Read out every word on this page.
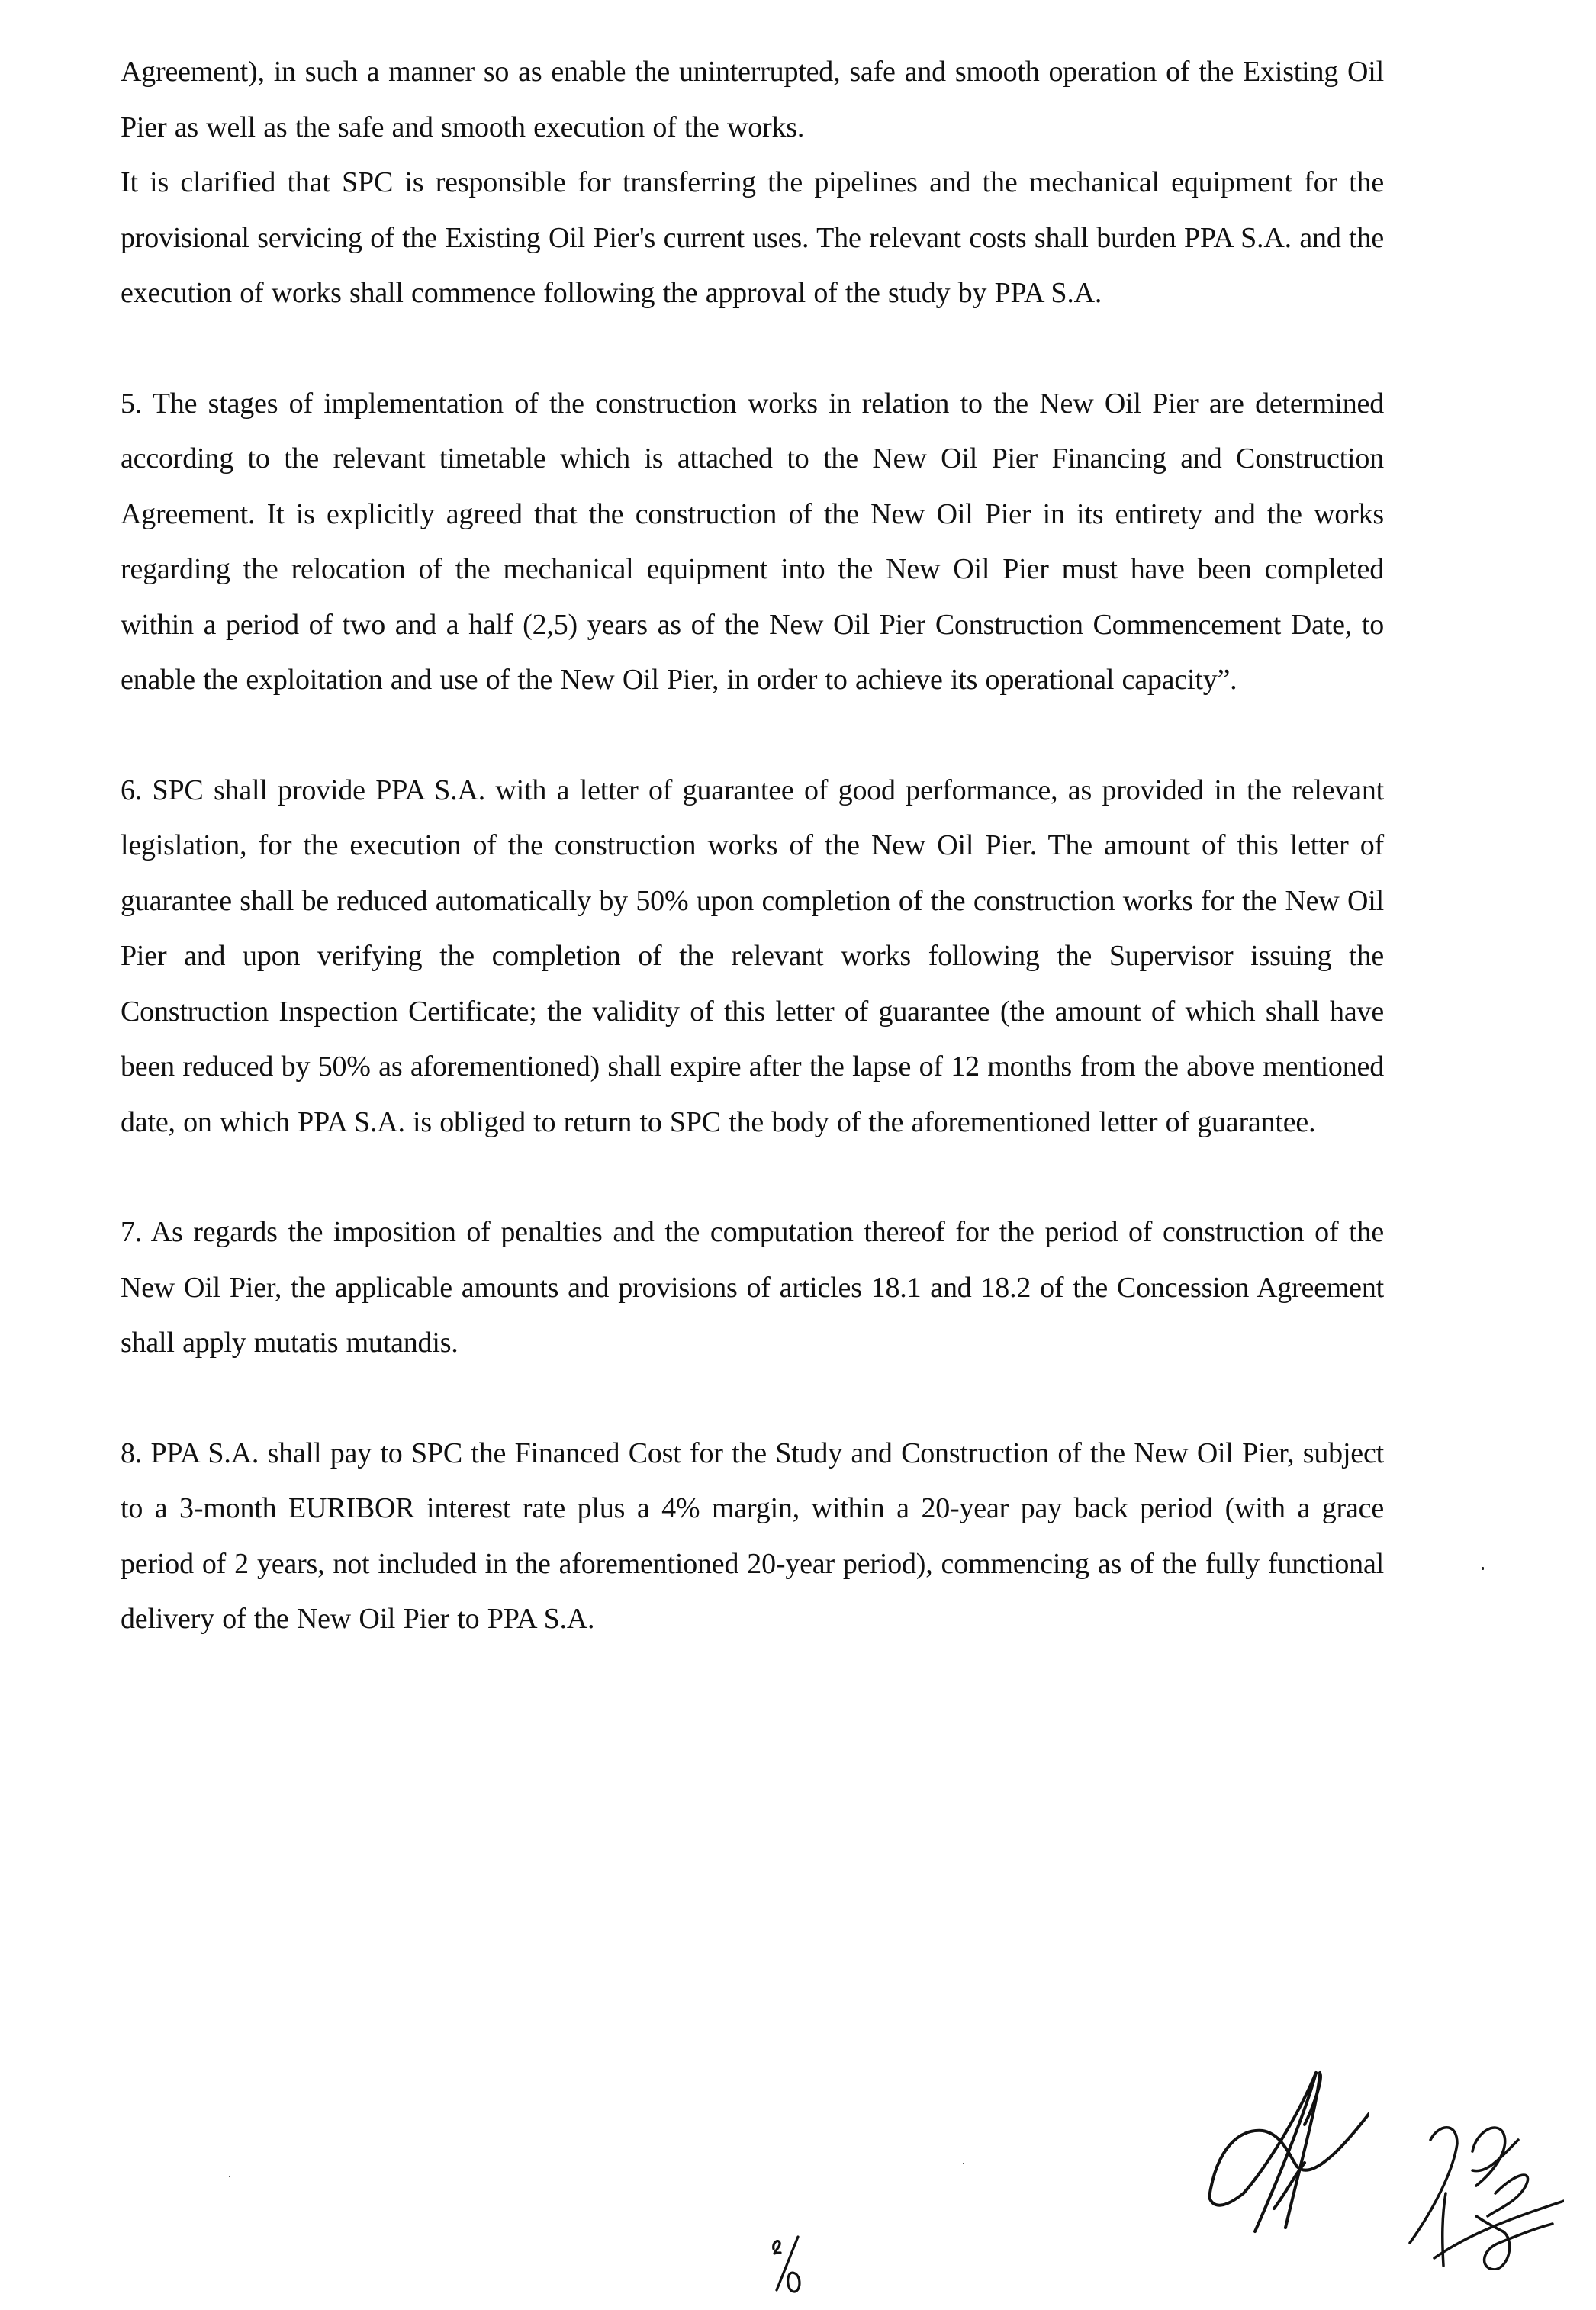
Agreement), in such a manner so as enable the uninterrupted, safe and smooth operation of the Existing Oil Pier as well as the safe and smooth execution of the works.

It is clarified that SPC is responsible for transferring the pipelines and the mechanical equipment for the provisional servicing of the Existing Oil Pier's current uses. The relevant costs shall burden PPA S.A. and the execution of works shall commence following the approval of the study by PPA S.A.

5. The stages of implementation of the construction works in relation to the New Oil Pier are determined according to the relevant timetable which is attached to the New Oil Pier Financing and Construction Agreement. It is explicitly agreed that the construction of the New Oil Pier in its entirety and the works regarding the relocation of the mechanical equipment into the New Oil Pier must have been completed within a period of two and a half (2,5) years as of the New Oil Pier Construction Commencement Date, to enable the exploitation and use of the New Oil Pier, in order to achieve its operational capacity”.

6. SPC shall provide PPA S.A. with a letter of guarantee of good performance, as provided in the relevant legislation, for the execution of the construction works of the New Oil Pier. The amount of this letter of guarantee shall be reduced automatically by 50% upon completion of the construction works for the New Oil Pier and upon verifying the completion of the relevant works following the Supervisor issuing the Construction Inspection Certificate; the validity of this letter of guarantee (the amount of which shall have been reduced by 50% as aforementioned) shall expire after the lapse of 12 months from the above mentioned date, on which PPA S.A. is obliged to return to SPC the body of the aforementioned letter of guarantee.

7. As regards the imposition of penalties and the computation thereof for the period of construction of the New Oil Pier, the applicable amounts and provisions of articles 18.1 and 18.2 of the Concession Agreement shall apply mutatis mutandis.

8. PPA S.A. shall pay to SPC the Financed Cost for the Study and Construction of the New Oil Pier, subject to a 3-month EURIBOR interest rate plus a 4% margin, within a 20-year pay back period (with a grace period of 2 years, not included in the aforementioned 20-year period), commencing as of the fully functional delivery of the New Oil Pier to PPA S.A.
